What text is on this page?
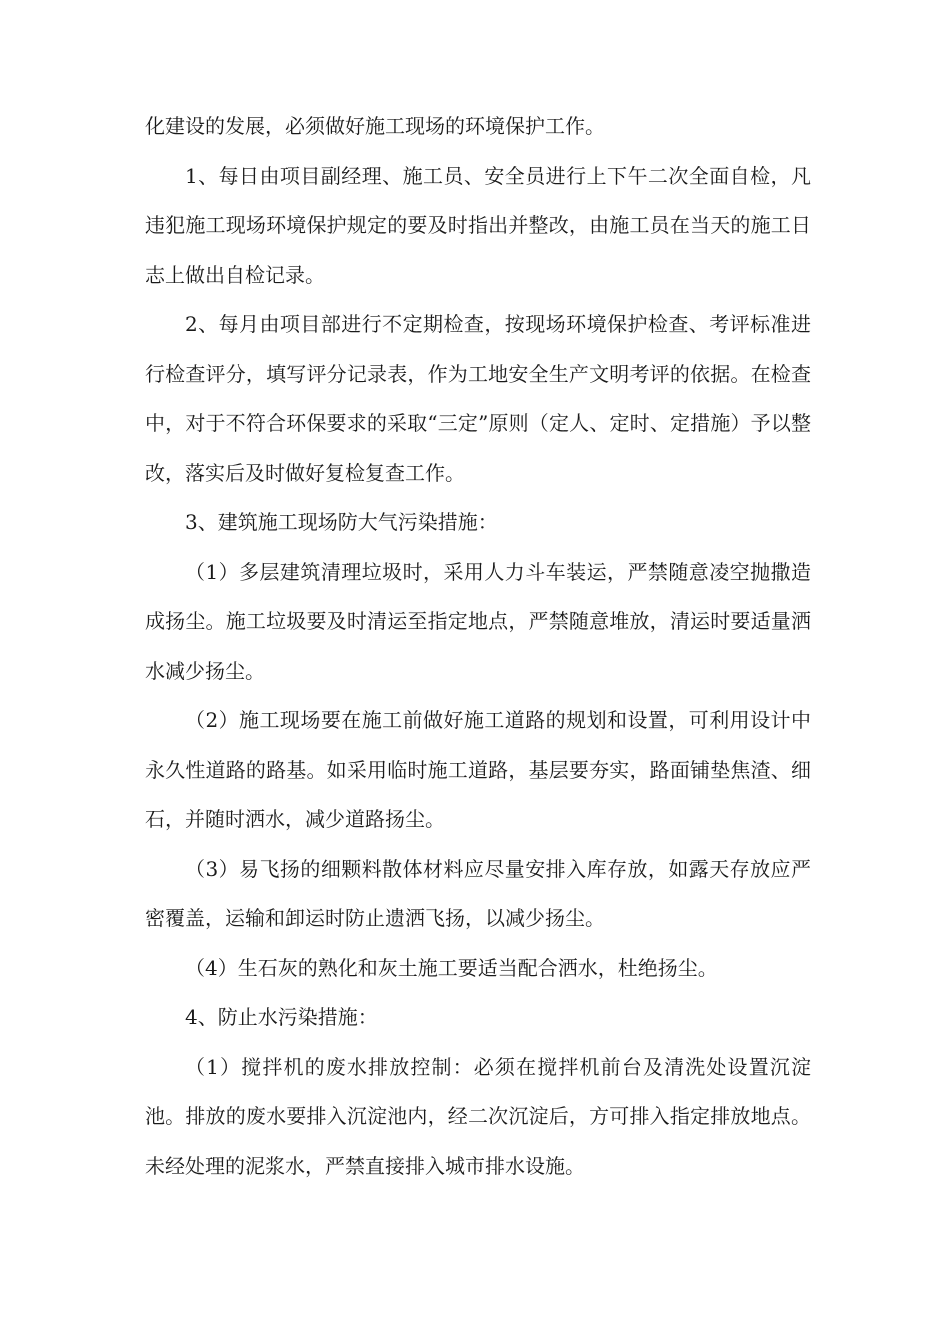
化建设的发展，必须做好施工现场的环境保护工作。

1、每日由项目副经理、施工员、安全员进行上下午二次全面自检，凡违犯施工现场环境保护规定的要及时指出并整改，由施工员在当天的施工日志上做出自检记录。

2、每月由项目部进行不定期检查，按现场环境保护检查、考评标准进行检查评分，填写评分记录表，作为工地安全生产文明考评的依据。在检查中，对于不符合环保要求的采取“三定”原则（定人、定时、定措施）予以整改，落实后及时做好复检复查工作。

3、建筑施工现场防大气污染措施：

（1）多层建筑清理垃圾时，采用人力斗车装运，严禁随意凌空抛撒造成扬尘。施工垃圾要及时清运至指定地点，严禁随意堆放，清运时要适量洒水减少扬尘。

（2）施工现场要在施工前做好施工道路的规划和设置，可利用设计中永久性道路的路基。如采用临时施工道路，基层要夯实，路面铺垫焦渣、细石，并随时洒水，减少道路扬尘。

（3）易飞扬的细颗料散体材料应尽量安排入库存放，如露天存放应严密覆盖，运输和卸运时防止遗洒飞扬，以减少扬尘。

（4）生石灰的熟化和灰土施工要适当配合洒水，杜绝扬尘。

4、防止水污染措施：

（1）搅拌机的废水排放控制：必须在搅拌机前台及清洗处设置沉淀池。排放的废水要排入沉淀池内，经二次沉淀后，方可排入指定排放地点。未经处理的泥浆水，严禁直接排入城市排水设施。
